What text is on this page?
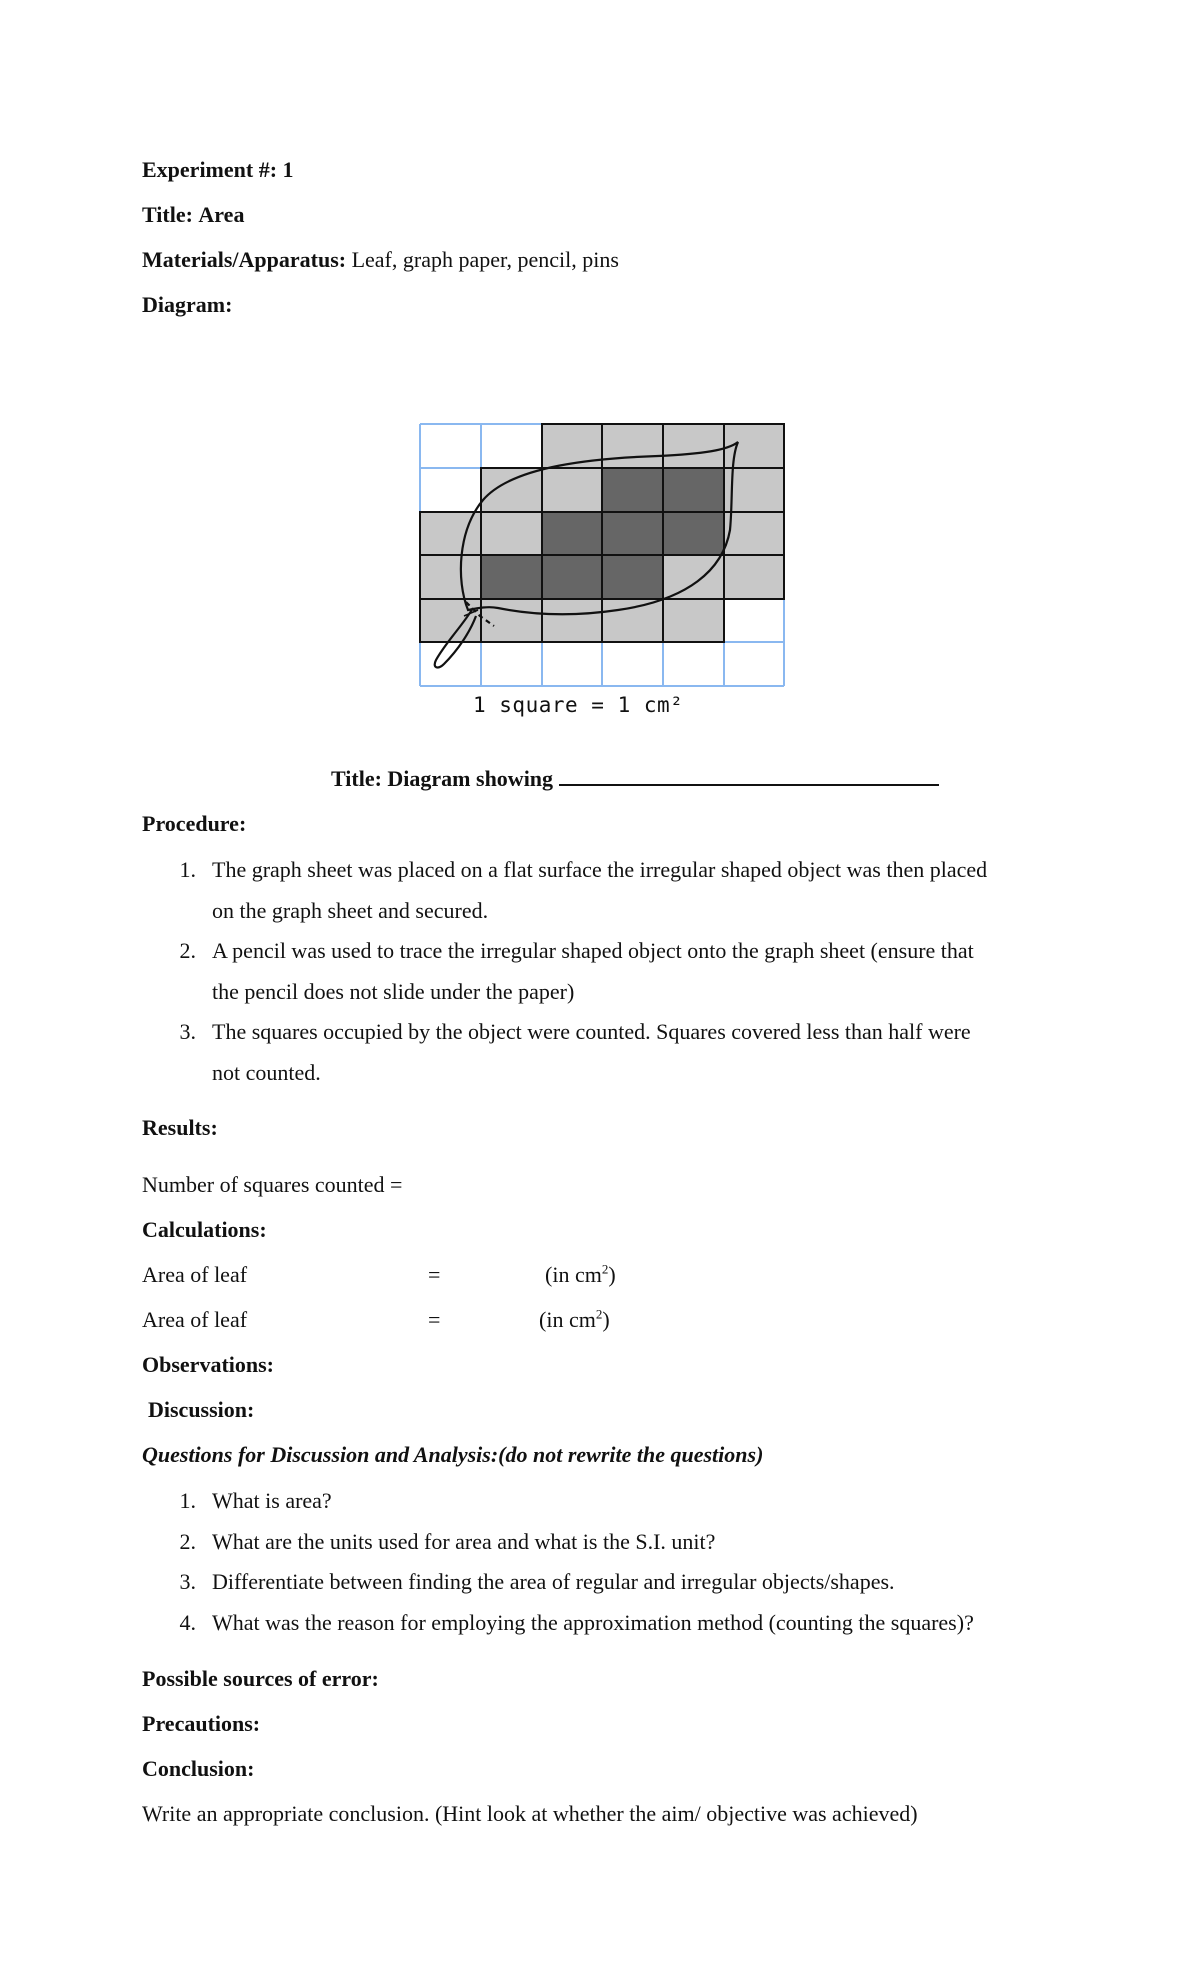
Experiment #: 1
Title: Area
Materials/Apparatus: Leaf, graph paper, pencil, pins
Diagram:
1 square = 1 cm²
Title: Diagram showing
Procedure:
1. The graph sheet was placed on a flat surface the irregular shaped object was then placed
on the graph sheet and secured.
2. A pencil was used to trace the irregular shaped object onto the graph sheet (ensure that
the pencil does not slide under the paper)
3. The squares occupied by the object were counted. Squares covered less than half were
not counted.
Results:
Number of squares counted =
Calculations:
Area of leaf	=	(in $cm^2$)
Area of leaf	=	(in $cm^2$)
Observations:
Discussion:
Questions for Discussion and Analysis:(do not rewrite the questions)
1. What is area?
2. What are the units used for area and what is the S.I. unit?
3. Differentiate between finding the area of regular and irregular objects/shapes.
4. What was the reason for employing the approximation method (counting the squares)?
Possible sources of error:
Precautions:
Conclusion:
Write an appropriate conclusion. (Hint look at whether the aim/ objective was achieved)
